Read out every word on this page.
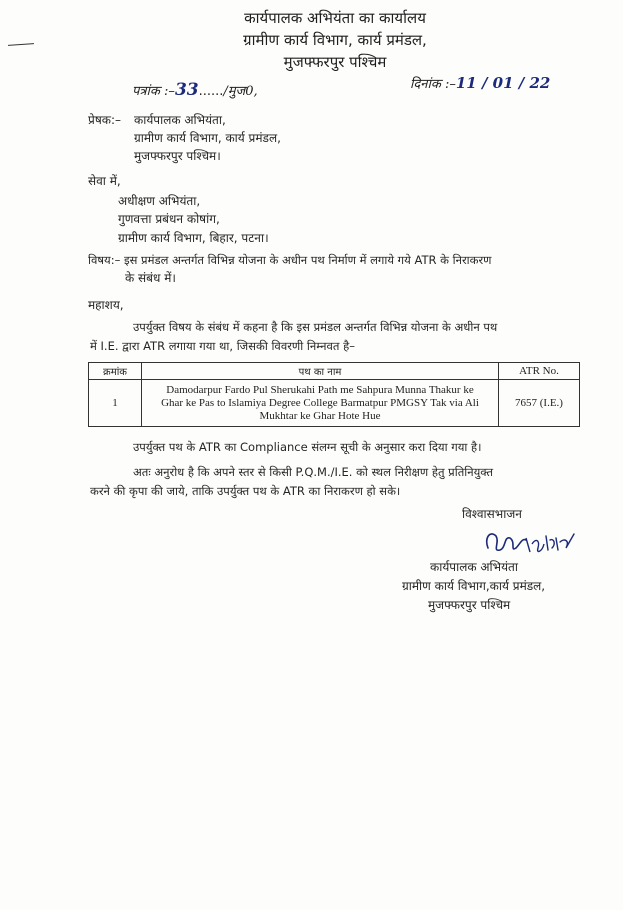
कार्यपालक अभियंता का कार्यालय
ग्रामीण कार्य विभाग, कार्य प्रमंडल,
मुजफ्फरपुर पश्चिम
पत्रांक :–33....../मुज0,	दिनांक :–11 / 01 / 22
प्रेषक:– कार्यपालक अभियंता,
ग्रामीण कार्य विभाग, कार्य प्रमंडल,
मुजफ्फरपुर पश्चिम।
सेवा में,
अधीक्षण अभियंता,
गुणवत्ता प्रबंधन कोषांग,
ग्रामीण कार्य विभाग, बिहार, पटना।
विषय:– इस प्रमंडल अन्तर्गत विभिन्न योजना के अधीन पथ निर्माण में लगाये गये ATR के निराकरण
के संबंध में।
महाशय,
उपर्युक्त विषय के संबंध में कहना है कि इस प्रमंडल अन्तर्गत विभिन्न योजना के अधीन पथ
में I.E. द्वारा ATR लगाया गया था, जिसकी विवरणी निम्नवत है–
क्रमांक	पथ का नाम	ATR No.
1	Damodarpur Fardo Pul Sherukahi Path me Sahpura Munna Thakur ke
Ghar ke Pas to Islamiya Degree College Barmatpur PMGSY Tak via Ali
Mukhtar ke Ghar Hote Hue	7657 (I.E.)
उपर्युक्त पथ के ATR का Compliance संलग्न सूची के अनुसार करा दिया गया है।
अतः अनुरोध है कि अपने स्तर से किसी P.Q.M./I.E. को स्थल निरीक्षण हेतु प्रतिनियुक्त
करने की कृपा की जाये, ताकि उपर्युक्त पथ के ATR का निराकरण हो सके।
विश्वासभाजन
कार्यपालक अभियंता
ग्रामीण कार्य विभाग,कार्य प्रमंडल,
मुजफ्फरपुर पश्चिम
